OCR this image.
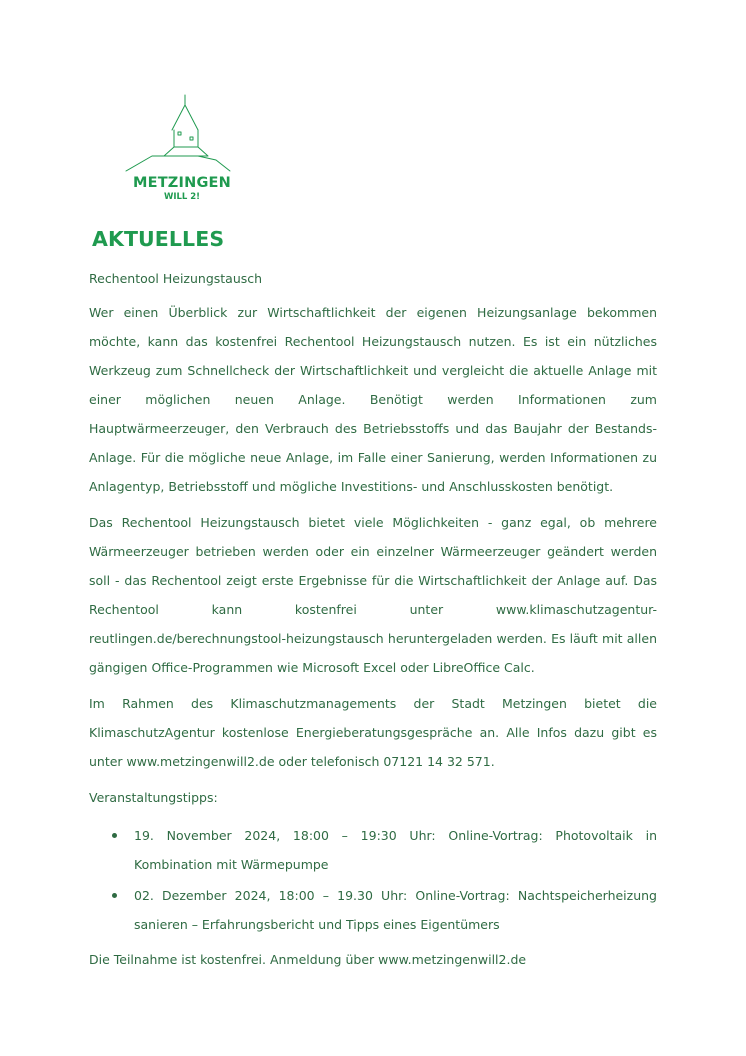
METZINGEN
WILL 2!
AKTUELLES

Rechentool Heizungstausch

Wer einen Überblick zur Wirtschaftlichkeit der eigenen Heizungsanlage bekommen möchte, kann das kostenfrei Rechentool Heizungstausch nutzen. Es ist ein nützliches Werkzeug zum Schnellcheck der Wirtschaftlichkeit und vergleicht die aktuelle Anlage mit einer möglichen neuen Anlage. Benötigt werden Informationen zum Hauptwärmeerzeuger, den Verbrauch des Betriebsstoffs und das Baujahr der Bestands-Anlage. Für die mögliche neue Anlage, im Falle einer Sanierung, werden Informationen zu Anlagentyp, Betriebsstoff und mögliche Investitions- und Anschlusskosten benötigt.

Das Rechentool Heizungstausch bietet viele Möglichkeiten - ganz egal, ob mehrere Wärmeerzeuger betrieben werden oder ein einzelner Wärmeerzeuger geändert werden soll - das Rechentool zeigt erste Ergebnisse für die Wirtschaftlichkeit der Anlage auf. Das Rechentool kann kostenfrei unter www.klimaschutzagentur-reutlingen.de/berechnungstool-heizungstausch heruntergeladen werden. Es läuft mit allen gängigen Office-Programmen wie Microsoft Excel oder LibreOffice Calc.

Im Rahmen des Klimaschutzmanagements der Stadt Metzingen bietet die KlimaschutzAgentur kostenlose Energieberatungsgespräche an. Alle Infos dazu gibt es unter www.metzingenwill2.de oder telefonisch 07121 14 32 571.

Veranstaltungstipps:

19. November 2024, 18:00 – 19:30 Uhr: Online-Vortrag: Photovoltaik in Kombination mit Wärmepumpe
02. Dezember 2024, 18:00 – 19.30 Uhr: Online-Vortrag: Nachtspeicherheizung sanieren – Erfahrungsbericht und Tipps eines Eigentümers

Die Teilnahme ist kostenfrei. Anmeldung über www.metzingenwill2.de
